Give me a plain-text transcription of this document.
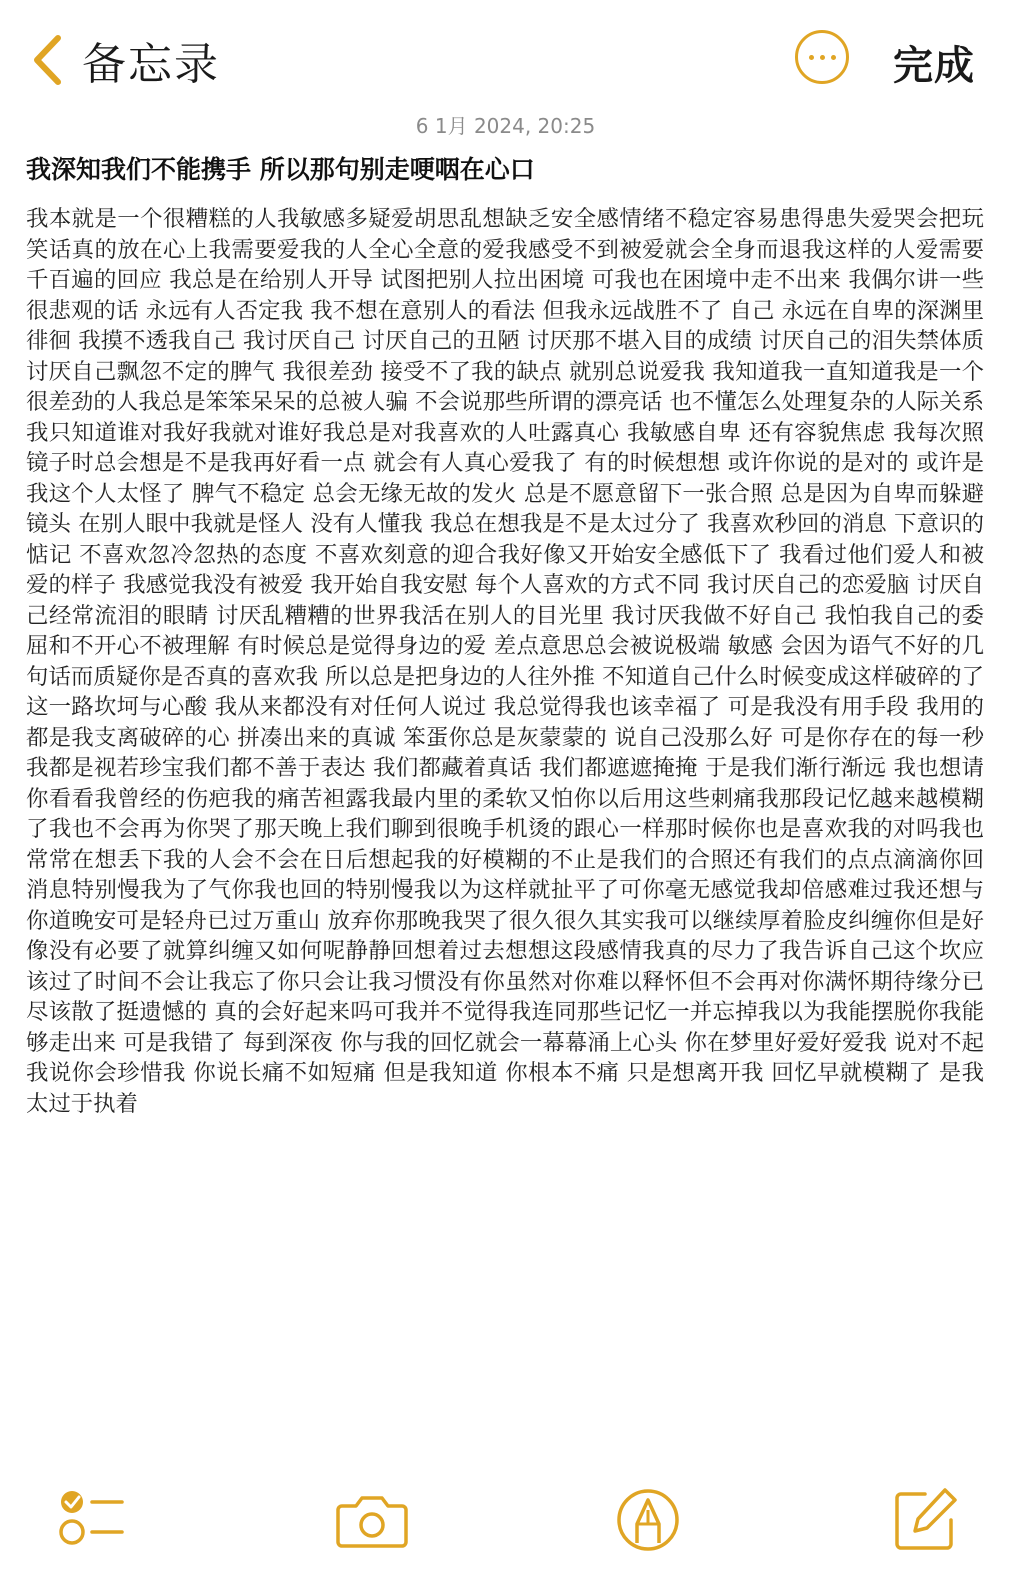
备忘录	完成
6 1月 2024, 20:25
我深知我们不能携手 所以那句别走哽咽在心口
我本就是一个很糟糕的人我敏感多疑爱胡思乱想缺乏安全感情绪不稳定容易患得患失爱哭会把玩笑话真的放在心上我需要爱我的人全心全意的爱我感受不到被爱就会全身而退我这样的人爱需要千百遍的回应 我总是在给别人开导 试图把别人拉出困境 可我也在困境中走不出来 我偶尔讲一些很悲观的话 永远有人否定我 我不想在意别人的看法 但我永远战胜不了 自己 永远在自卑的深渊里徘徊 我摸不透我自己 我讨厌自己 讨厌自己的丑陋 讨厌那不堪入目的成绩 讨厌自己的泪失禁体质 讨厌自己飘忽不定的脾气 我很差劲 接受不了我的缺点 就别总说爱我 我知道我一直知道我是一个很差劲的人我总是笨笨呆呆的总被人骗 不会说那些所谓的漂亮话 也不懂怎么处理复杂的人际关系我只知道谁对我好我就对谁好我总是对我喜欢的人吐露真心 我敏感自卑 还有容貌焦虑 我每次照镜子时总会想是不是我再好看一点 就会有人真心爱我了 有的时候想想 或许你说的是对的 或许是我这个人太怪了 脾气不稳定 总会无缘无故的发火 总是不愿意留下一张合照 总是因为自卑而躲避镜头 在别人眼中我就是怪人 没有人懂我 我总在想我是不是太过分了 我喜欢秒回的消息 下意识的惦记 不喜欢忽冷忽热的态度 不喜欢刻意的迎合我好像又开始安全感低下了 我看过他们爱人和被爱的样子 我感觉我没有被爱 我开始自我安慰 每个人喜欢的方式不同 我讨厌自己的恋爱脑 讨厌自己经常流泪的眼睛 讨厌乱糟糟的世界我活在别人的目光里 我讨厌我做不好自己 我怕我自己的委屈和不开心不被理解 有时候总是觉得身边的爱 差点意思总会被说极端 敏感 会因为语气不好的几句话而质疑你是否真的喜欢我 所以总是把身边的人往外推 不知道自己什么时候变成这样破碎的了 这一路坎坷与心酸 我从来都没有对任何人说过 我总觉得我也该幸福了 可是我没有用手段 我用的都是我支离破碎的心 拼凑出来的真诚 笨蛋你总是灰蒙蒙的 说自己没那么好 可是你存在的每一秒 我都是视若珍宝我们都不善于表达 我们都藏着真话 我们都遮遮掩掩 于是我们渐行渐远 我也想请你看看我曾经的伤疤我的痛苦袒露我最内里的柔软又怕你以后用这些刺痛我那段记忆越来越模糊了我也不会再为你哭了那天晚上我们聊到很晚手机烫的跟心一样那时候你也是喜欢我的对吗我也常常在想丢下我的人会不会在日后想起我的好模糊的不止是我们的合照还有我们的点点滴滴你回消息特别慢我为了气你我也回的特别慢我以为这样就扯平了可你毫无感觉我却倍感难过我还想与你道晚安可是轻舟已过万重山 放弃你那晚我哭了很久很久其实我可以继续厚着脸皮纠缠你但是好像没有必要了就算纠缠又如何呢静静回想着过去想想这段感情我真的尽力了我告诉自己这个坎应该过了时间不会让我忘了你只会让我习惯没有你虽然对你难以释怀但不会再对你满怀期待缘分已尽该散了挺遗憾的 真的会好起来吗可我并不觉得我连同那些记忆一并忘掉我以为我能摆脱你我能够走出来 可是我错了 每到深夜 你与我的回忆就会一幕幕涌上心头 你在梦里好爱好爱我 说对不起我说你会珍惜我 你说长痛不如短痛 但是我知道 你根本不痛 只是想离开我 回忆早就模糊了 是我太过于执着
